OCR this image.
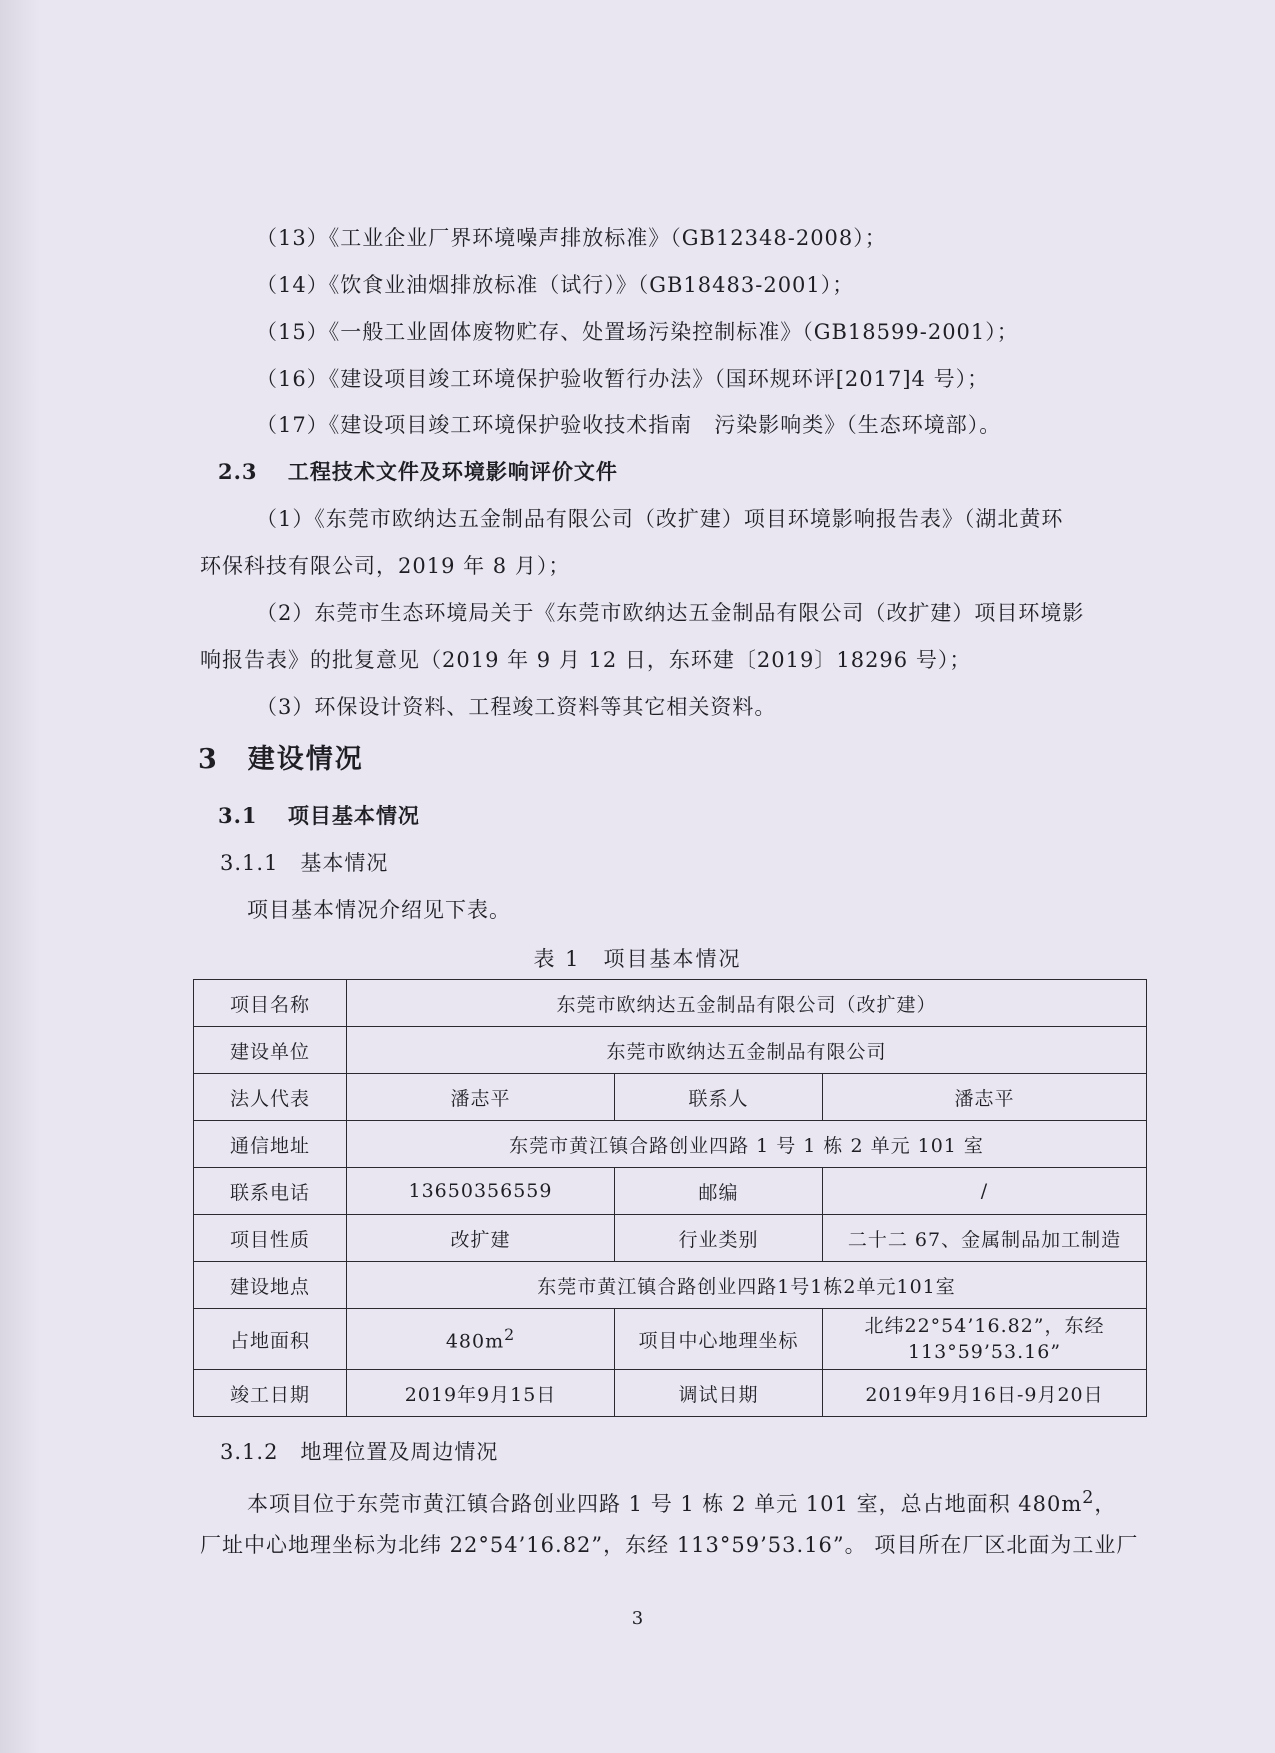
（13）《工业企业厂界环境噪声排放标准》（GB12348-2008）；
（14）《饮食业油烟排放标准（试行）》（GB18483-2001）；
（15）《一般工业固体废物贮存、处置场污染控制标准》（GB18599-2001）；
（16）《建设项目竣工环境保护验收暂行办法》（国环规环评[2017]4 号）；
（17）《建设项目竣工环境保护验收技术指南　污染影响类》（生态环境部）。
2.3　 工程技术文件及环境影响评价文件
（1）《东莞市欧纳达五金制品有限公司（改扩建）项目环境影响报告表》（湖北黄环
环保科技有限公司，2019 年 8 月）；
（2）东莞市生态环境局关于《东莞市欧纳达五金制品有限公司（改扩建）项目环境影
响报告表》的批复意见（2019 年 9 月 12 日，东环建〔2019〕18296 号）；
（3）环保设计资料、工程竣工资料等其它相关资料。
3　建设情况
3.1　 项目基本情况
3.1.1　基本情况
项目基本情况介绍见下表。
表 1　项目基本情况
项目名称	东莞市欧纳达五金制品有限公司（改扩建）		
建设单位	东莞市欧纳达五金制品有限公司		
法人代表	潘志平	联系人	潘志平
通信地址	东莞市黄江镇合路创业四路 1 号 1 栋 2 单元 101 室		
联系电话	13650356559	邮编	/
项目性质	改扩建	行业类别	二十二 67、金属制品加工制造
建设地点	东莞市黄江镇合路创业四路1号1栋2单元101室		
占地面积	$480m^2$	项目中心地理坐标	北纬22°54’16.82”，东经
113°59’53.16”

竣工日期	2019年9月15日	调试日期	2019年9月16日-9月20日
3.1.2　地理位置及周边情况
本项目位于东莞市黄江镇合路创业四路 1 号 1 栋 2 单元 101 室，总占地面积 $480m^2$，
厂址中心地理坐标为北纬 22°54’16.82”，东经 113°59’53.16”。 项目所在厂区北面为工业厂
3
